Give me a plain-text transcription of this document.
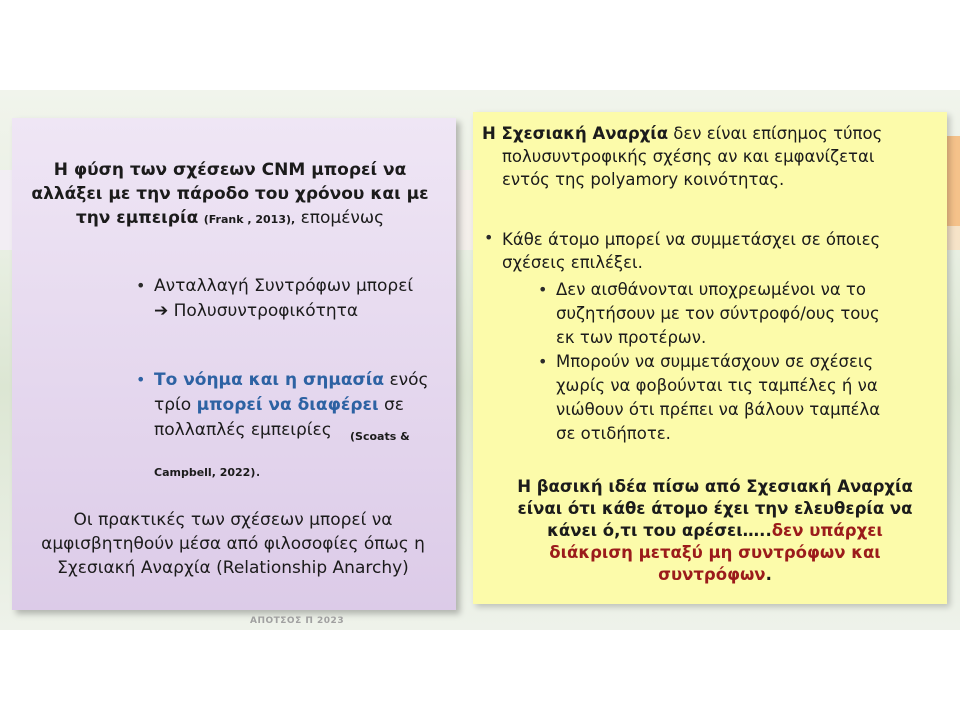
Η φύση των σχέσεων CNM μπορεί να αλλάξει με την πάροδο του χρόνου και με την εμπειρία (Frank , 2013), επομένως
• Ανταλλαγή Συντρόφων μπορεί
➔ Πολυσυντροφικότητα
• Το νόημα και η σημασία ενός
τρίο μπορεί να διαφέρει σε
πολλαπλές εμπειρίες	(Scoats & Campbell, 2022).
Οι πρακτικές των σχέσεων μπορεί να αμφισβητηθούν μέσα από φιλοσοφίες όπως η Σχεσιακή Αναρχία (Relationship Anarchy)
Η Σχεσιακή Αναρχία δεν είναι επίσημος τύπος
πολυσυντροφικής σχέσης αν και εμφανίζεται
εντός της polyamory κοινότητας.
• Κάθε άτομο μπορεί να συμμετάσχει σε όποιες
σχέσεις επιλέξει.
• Δεν αισθάνονται υποχρεωμένοι να το
συζητήσουν με τον σύντροφό/ους τους
εκ των προτέρων.
• Μπορούν να συμμετάσχουν σε σχέσεις
χωρίς να φοβούνται τις ταμπέλες ή να
νιώθουν ότι πρέπει να βάλουν ταμπέλα
σε οτιδήποτε.
Η βασική ιδέα πίσω από Σχεσιακή Αναρχία
είναι ότι κάθε άτομο έχει την ελευθερία να
κάνει ό,τι του αρέσει…..δεν υπάρχει
διάκριση μεταξύ μη συντρόφων και
συντρόφων.
ΑΠΟΤΣΟΣ Π 2023
